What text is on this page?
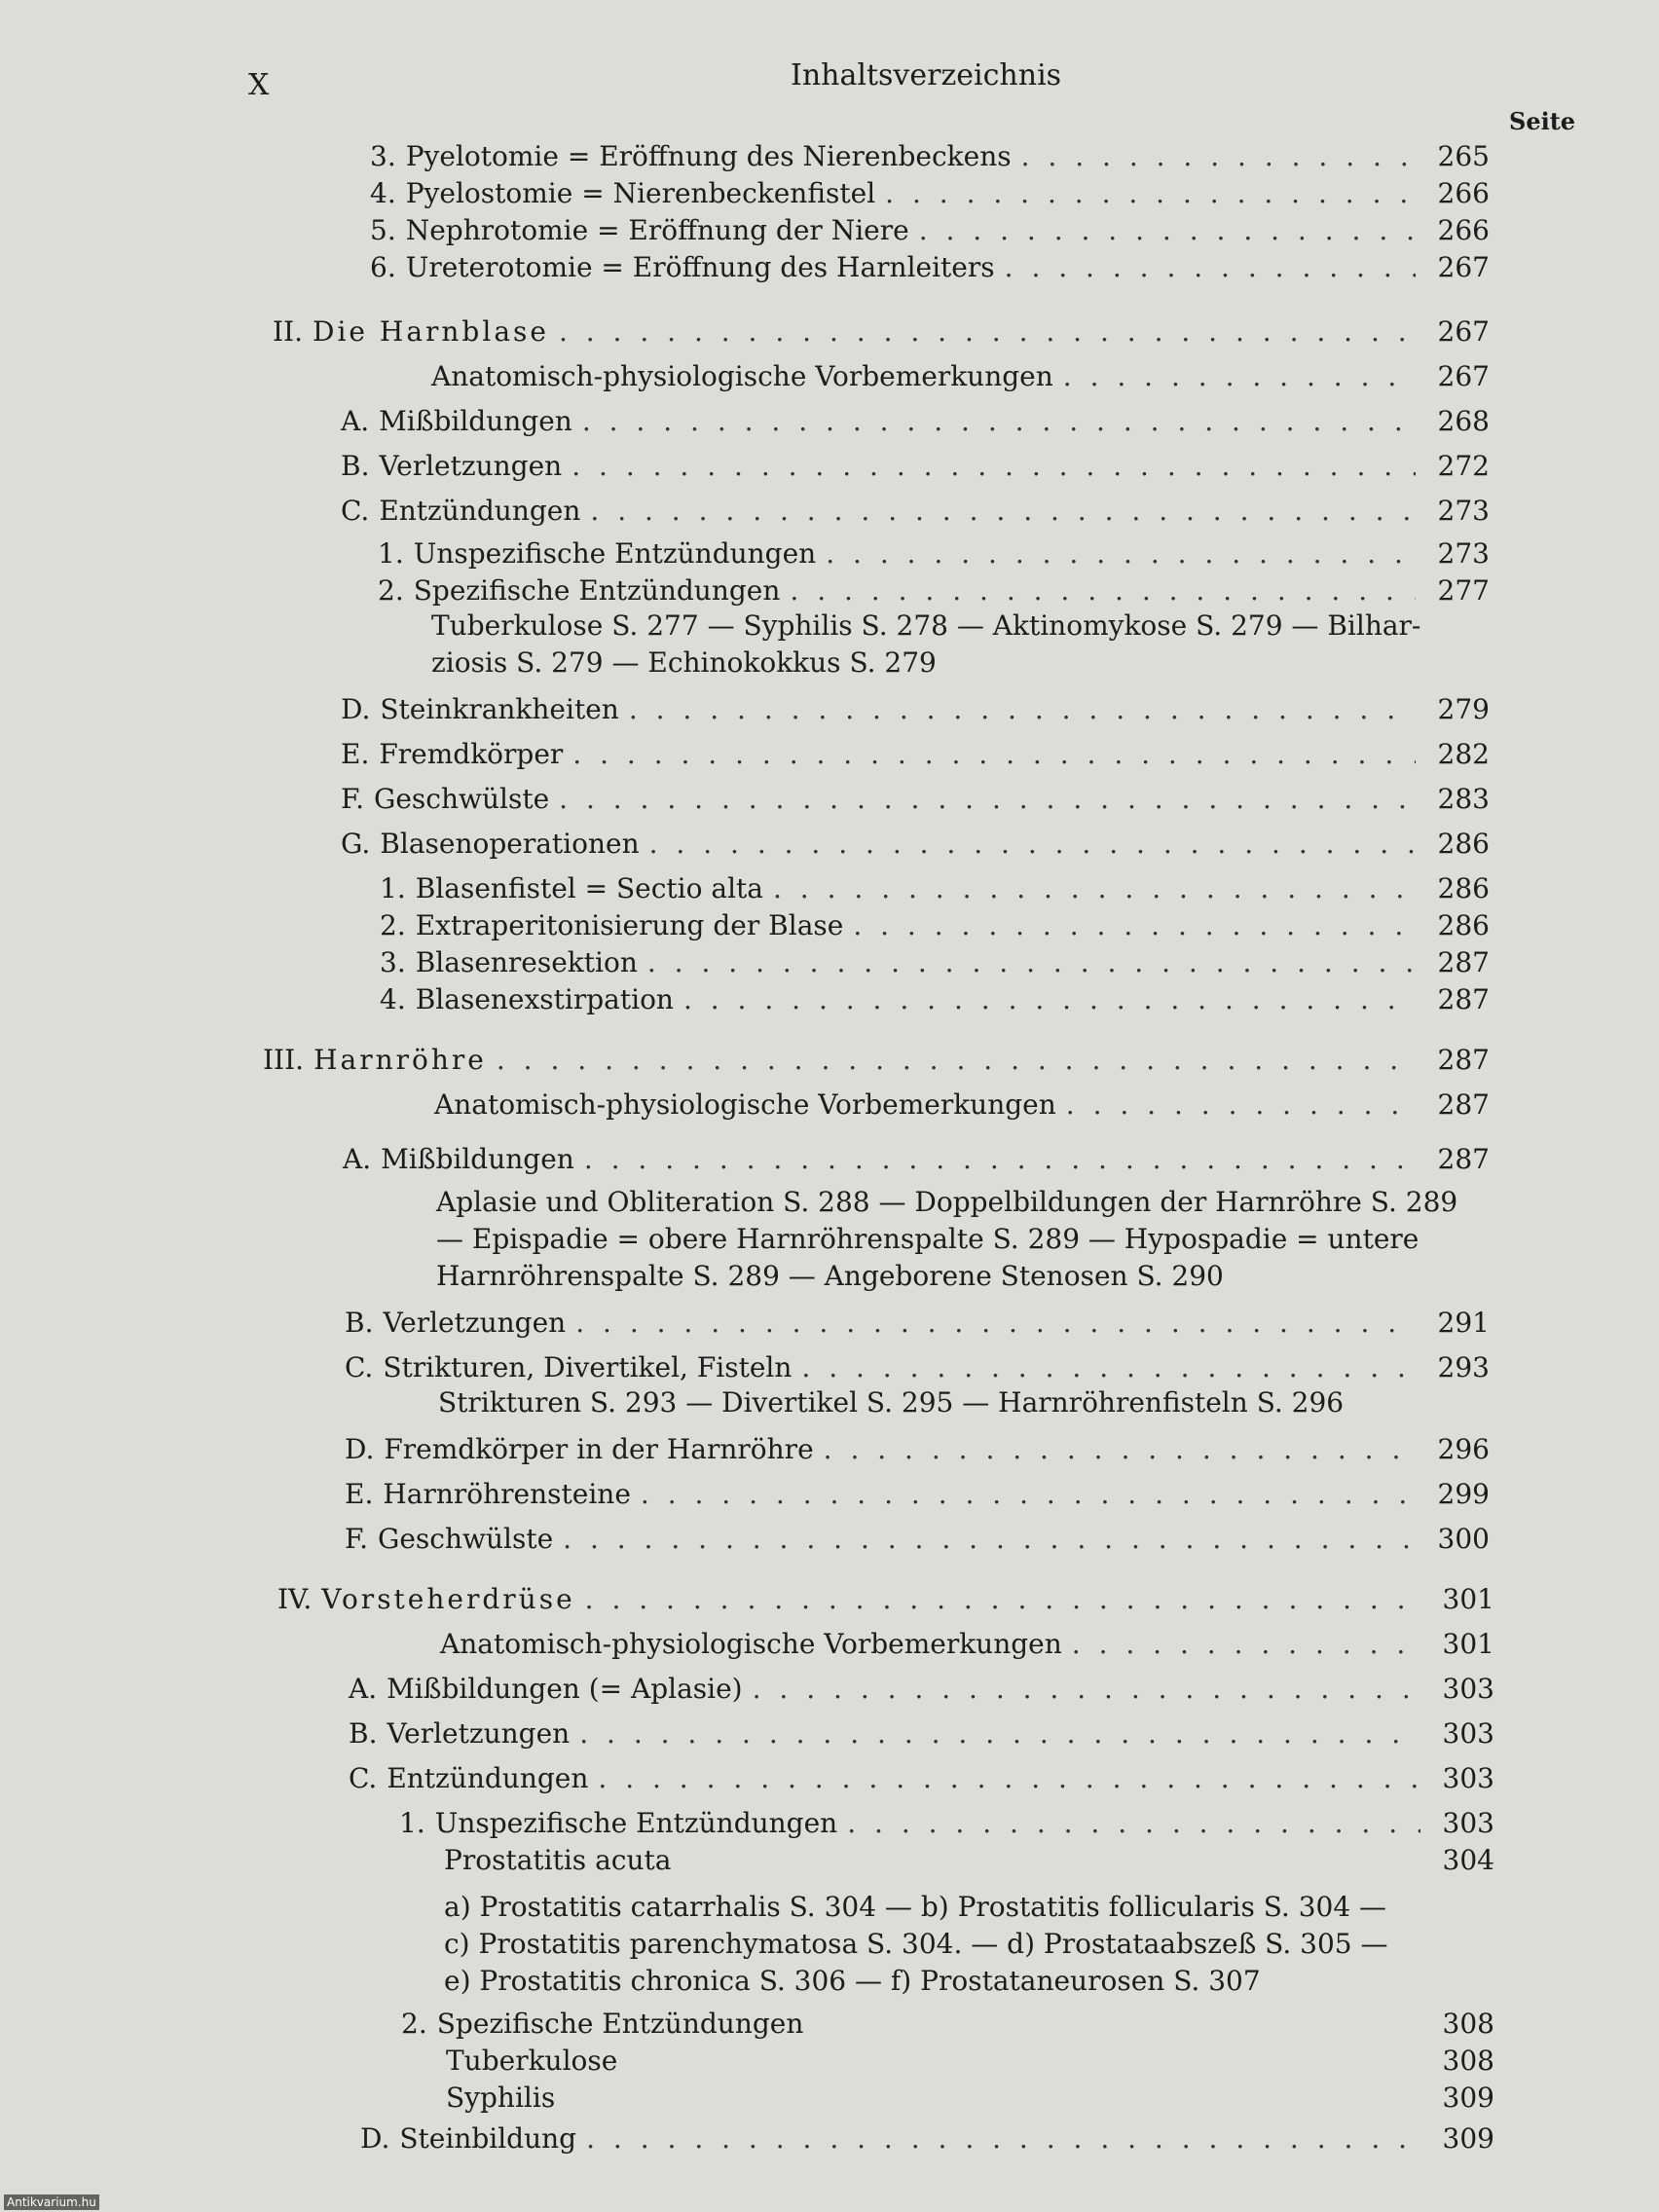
X	Inhaltsverzeichnis
Seite
3. Pyelotomie = Eröffnung des Nierenbeckens . . .	265
4. Pyelostomie = Nierenbeckenfistel . . .	266
5. Nephrotomie = Eröffnung der Niere . . .	266
6. Ureterotomie = Eröffnung des Harnleiters . . .	267
II. Die Harnblase . . .	267
Anatomisch-physiologische Vorbemerkungen . . .	267
A. Mißbildungen . . .	268
B. Verletzungen . . .	272
C. Entzündungen . . .	273
1. Unspezifische Entzündungen . . .	273
2. Spezifische Entzündungen . . .	277
Tuberkulose S. 277 — Syphilis S. 278 — Aktinomykose S. 279 — Bilhar-
ziosis S. 279 — Echinokokkus S. 279
D. Steinkrankheiten . . .	279
E. Fremdkörper . . .	282
F. Geschwülste . . .	283
G. Blasenoperationen . . .	286
1. Blasenfistel = Sectio alta . . .	286
2. Extraperitonisierung der Blase . . .	286
3. Blasenresektion . . .	287
4. Blasenexstirpation . . .	287
III. Harnröhre . . .	287
Anatomisch-physiologische Vorbemerkungen . . .	287
A. Mißbildungen . . .	287
Aplasie und Obliteration S. 288 — Doppelbildungen der Harnröhre S. 289
— Epispadie = obere Harnröhrenspalte S. 289 — Hypospadie = untere
Harnröhrenspalte S. 289 — Angeborene Stenosen S. 290
B. Verletzungen . . .	291
C. Strikturen, Divertikel, Fisteln . . .	293
Strikturen S. 293 — Divertikel S. 295 — Harnröhrenfisteln S. 296
D. Fremdkörper in der Harnröhre . . .	296
E. Harnröhrensteine . . .	299
F. Geschwülste . . .	300
IV. Vorsteherdrüse . . .	301
Anatomisch-physiologische Vorbemerkungen . . .	301
A. Mißbildungen (= Aplasie) . . .	303
B. Verletzungen . . .	303
C. Entzündungen . . .	303
1. Unspezifische Entzündungen . . .	303
Prostatitis acuta	304
a) Prostatitis catarrhalis S. 304 — b) Prostatitis follicularis S. 304 —
c) Prostatitis parenchymatosa S. 304. — d) Prostataabszeß S. 305 —
e) Prostatitis chronica S. 306 — f) Prostataneurosen S. 307
2. Spezifische Entzündungen	308
Tuberkulose	308
Syphilis	309
D. Steinbildung . . .	309
Antikvarium.hu
